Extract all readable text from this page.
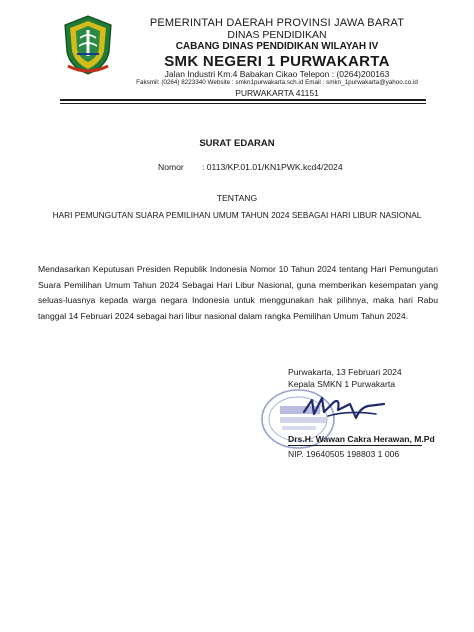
PEMERINTAH DAERAH PROVINSI JAWA BARAT
DINAS PENDIDIKAN
CABANG DINAS PENDIDIKAN WILAYAH IV
SMK NEGERI 1 PURWAKARTA
Jalan Industri Km.4 Babakan Cikao Telepon : (0264)200163
Faksmil: (0264) 8223340 Website : smkn1purwakarta.sch.id Email : smkn_1purwakarta@yahoo.co.id
PURWAKARTA 41151
SURAT EDARAN
Nomor : 0113/KP.01.01/KN1PWK.kcd4/2024
TENTANG
HARI PEMUNGUTAN SUARA PEMILIHAN UMUM TAHUN 2024 SEBAGAI HARI LIBUR NASIONAL
Mendasarkan Keputusan Presiden Republik Indonesia Nomor 10 Tahun 2024 tentang Hari Pemungutan Suara Pemilihan Umum Tahun 2024 Sebagai Hari Libur Nasional, guna memberikan kesempatan yang seluas-luasnya kepada warga negara Indonesia untuk menggunakan hak pilihnya, maka hari Rabu tanggal 14 Februari 2024 sebagai hari libur nasional dalam rangka Pemilihan Umum Tahun 2024.
Purwakarta, 13 Februari 2024
Kepala SMKN 1 Purwakarta
Drs.H. Wawan Cakra Herawan, M.Pd
NIP. 19640505 198803 1 006
